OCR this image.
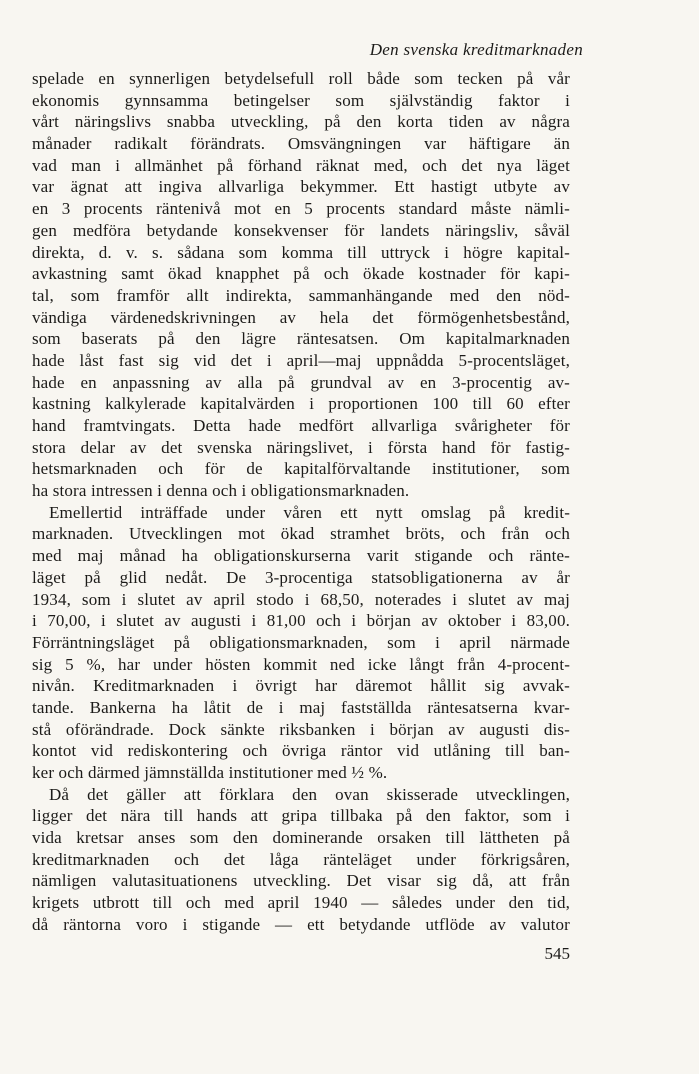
Den svenska kreditmarknaden
spelade en synnerligen betydelsefull roll både som tecken på vår
ekonomis gynnsamma betingelser som självständig faktor i
vårt näringslivs snabba utveckling, på den korta tiden av några
månader radikalt förändrats. Omsvängningen var häftigare än
vad man i allmänhet på förhand räknat med, och det nya läget
var ägnat att ingiva allvarliga bekymmer. Ett hastigt utbyte av
en 3 procents räntenivå mot en 5 procents standard måste nämli-
gen medföra betydande konsekvenser för landets näringsliv, såväl
direkta, d. v. s. sådana som komma till uttryck i högre kapital-
avkastning samt ökad knapphet på och ökade kostnader för kapi-
tal, som framför allt indirekta, sammanhängande med den nöd-
vändiga värdenedskrivningen av hela det förmögenhetsbestånd,
som baserats på den lägre räntesatsen. Om kapitalmarknaden
hade låst fast sig vid det i april—maj uppnådda 5-procentsläget,
hade en anpassning av alla på grundval av en 3-procentig av-
kastning kalkylerade kapitalvärden i proportionen 100 till 60 efter
hand framtvingats. Detta hade medfört allvarliga svårigheter för
stora delar av det svenska näringslivet, i första hand för fastig-
hetsmarknaden och för de kapitalförvaltande institutioner, som
ha stora intressen i denna och i obligationsmarknaden.
Emellertid inträffade under våren ett nytt omslag på kredit-
marknaden. Utvecklingen mot ökad stramhet bröts, och från och
med maj månad ha obligationskurserna varit stigande och ränte-
läget på glid nedåt. De 3-procentiga statsobligationerna av år
1934, som i slutet av april stodo i 68,50, noterades i slutet av maj
i 70,00, i slutet av augusti i 81,00 och i början av oktober i 83,00.
Förräntningsläget på obligationsmarknaden, som i april närmade
sig 5 %, har under hösten kommit ned icke långt från 4-procent-
nivån. Kreditmarknaden i övrigt har däremot hållit sig avvak-
tande. Bankerna ha låtit de i maj fastställda räntesatserna kvar-
stå oförändrade. Dock sänkte riksbanken i början av augusti dis-
kontot vid rediskontering och övriga räntor vid utlåning till ban-
ker och därmed jämnställda institutioner med ½ %.
Då det gäller att förklara den ovan skisserade utvecklingen,
ligger det nära till hands att gripa tillbaka på den faktor, som i
vida kretsar anses som den dominerande orsaken till lättheten på
kreditmarknaden och det låga ränteläget under förkrigsåren,
nämligen valutasituationens utveckling. Det visar sig då, att från
krigets utbrott till och med april 1940 — således under den tid,
då räntorna voro i stigande — ett betydande utflöde av valutor
545
